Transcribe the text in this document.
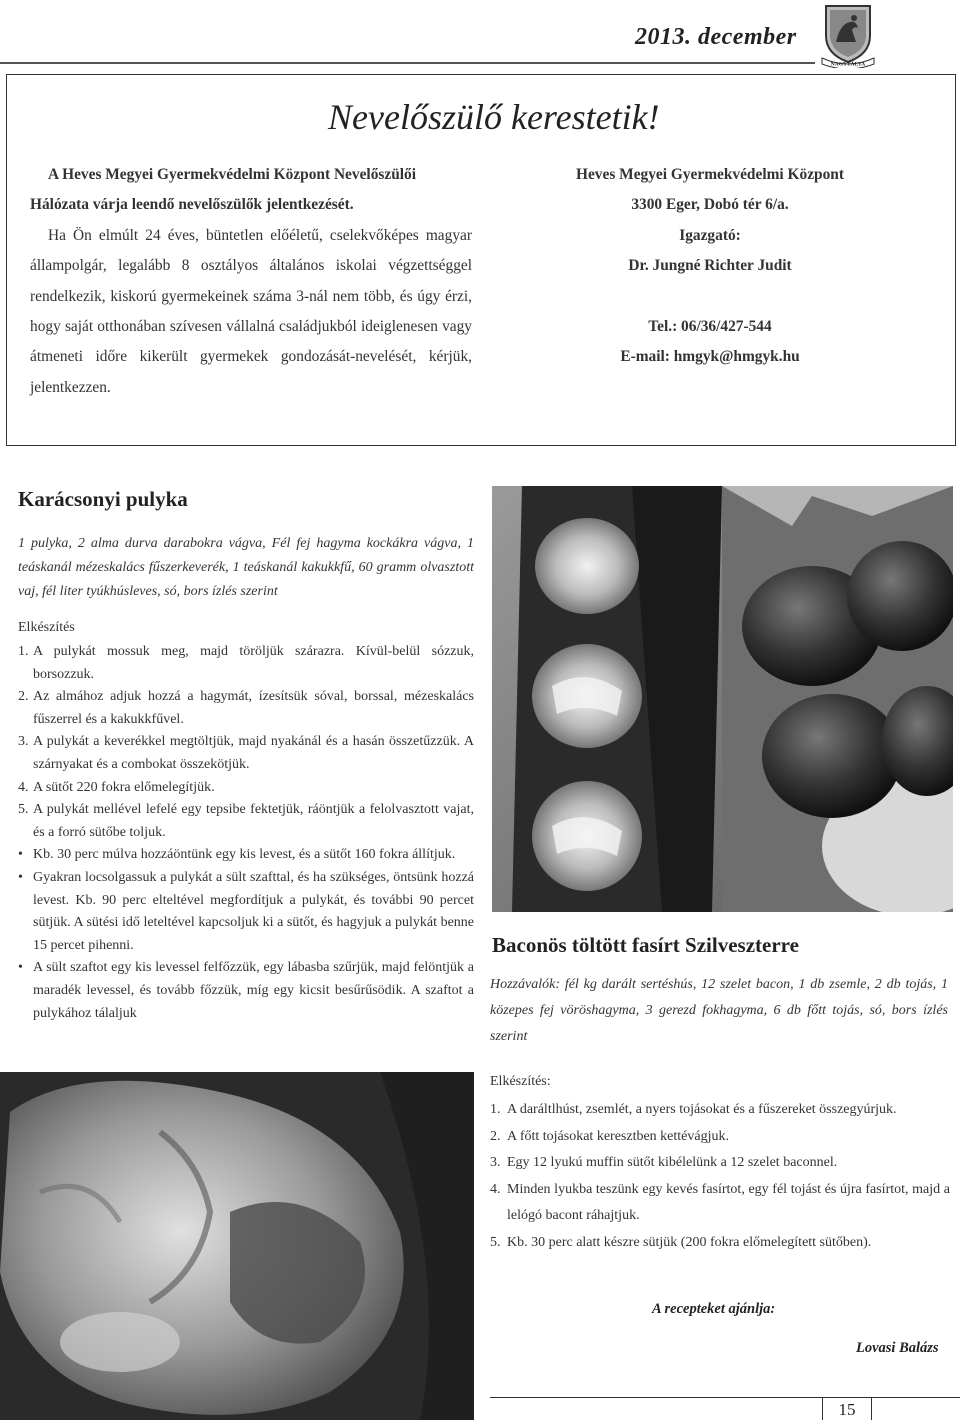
2013. december
NAGYTÁLYA
Nevelőszülő kerestetik!
A Heves Megyei Gyermekvédelmi Központ Nevelőszülői
Hálózata várja leendő nevelőszülők jelentkezését.
Ha Ön elmúlt 24 éves, büntetlen előéletű, cselekvőképes magyar állampolgár, legalább 8 osztályos általános iskolai végzettséggel rendelkezik, kiskorú gyermekeinek száma 3-nál nem több, és úgy érzi, hogy saját otthonában szívesen vállalná családjukból ideiglenesen vagy átmeneti időre kikerült gyermekek gondozását-nevelését, kérjük, jelentkezzen.
Heves Megyei Gyermekvédelmi Központ
3300 Eger, Dobó tér 6/a.
Igazgató:
Dr. Jungné Richter Judit
Tel.: 06/36/427-544
E-mail: hmgyk@hmgyk.hu
Karácsonyi pulyka
1 pulyka, 2 alma durva darabokra vágva, Fél fej hagyma kockákra vágva, 1 teáskanál mézeskalács fűszerkeverék, 1 teáskanál kakukkfű, 60 gramm olvasztott vaj, fél liter tyúkhúsleves, só, bors ízlés szerint
Elkészítés
1. A pulykát mossuk meg, majd töröljük szárazra. Kívül-belül sózzuk, borsozzuk.
2. Az almához adjuk hozzá a hagymát, ízesítsük sóval, borssal, mézeskalács fűszerrel és a kakukkfűvel.
3. A pulykát a keverékkel megtöltjük, majd nyakánál és a hasán összetűzzük. A szárnyakat és a combokat összekötjük.
4. A sütőt 220 fokra előmelegítjük.
5. A pulykát mellével lefelé egy tepsibe fektetjük, ráöntjük a felolvasztott vajat, és a forró sütőbe toljuk.
• Kb. 30 perc múlva hozzáöntünk egy kis levest, és a sütőt 160 fokra állítjuk.
• Gyakran locsolgassuk a pulykát a sült szafttal, és ha szükséges, öntsünk hozzá levest. Kb. 90 perc elteltével megfordítjuk a pulykát, és további 90 percet sütjük. A sütési idő leteltével kapcsoljuk ki a sütőt, és hagyjuk a pulykát benne 15 percet pihenni.
• A sült szaftot egy kis levessel felfőzzük, egy lábasba szűrjük, majd felöntjük a maradék levessel, és tovább főzzük, míg egy kicsit besűrűsödik. A szaftot a pulykához tálaljuk
Baconös töltött fasírt Szilveszterre
Hozzávalók: fél kg darált sertéshús, 12 szelet bacon, 1 db zsemle, 2 db tojás, 1 közepes fej vöröshagyma, 3 gerezd fokhagyma, 6 db főtt tojás, só, bors ízlés szerint
Elkészítés:
1. A daráltlhúst, zsemlét, a nyers tojásokat és a fűszereket összegyúrjuk.
2. A főtt tojásokat keresztben kettévágjuk.
3. Egy 12 lyukú muffin sütőt kibélelünk a 12 szelet baconnel.
4. Minden lyukba teszünk egy kevés fasírtot, egy fél tojást és újra fasírtot, majd a lelógó bacont ráhajtjuk.
5. Kb. 30 perc alatt készre sütjük (200 fokra előmelegített sütőben).
A recepteket ajánlja:
Lovasi Balázs
15
